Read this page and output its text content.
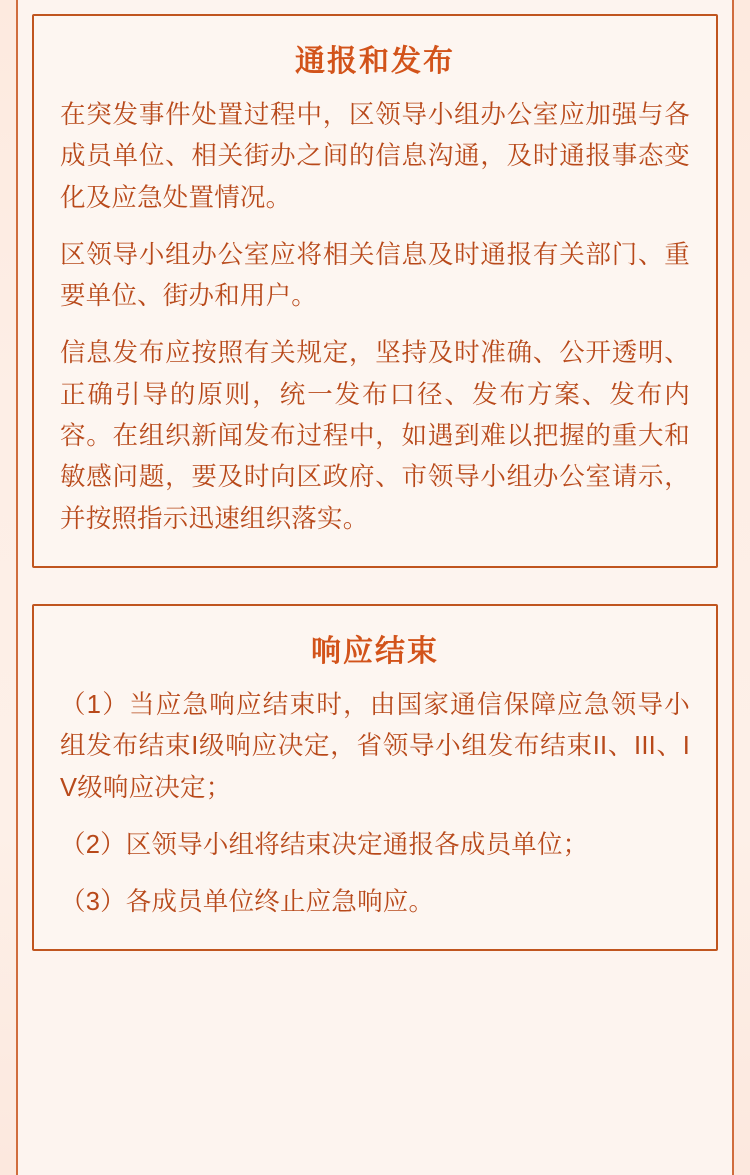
通报和发布

在突发事件处置过程中，区领导小组办公室应加强与各成员单位、相关街办之间的信息沟通，及时通报事态变化及应急处置情况。

区领导小组办公室应将相关信息及时通报有关部门、重要单位、街办和用户。

信息发布应按照有关规定，坚持及时准确、公开透明、正确引导的原则，统一发布口径、发布方案、发布内容。在组织新闻发布过程中，如遇到难以把握的重大和敏感问题，要及时向区政府、市领导小组办公室请示，并按照指示迅速组织落实。

响应结束

（1）当应急响应结束时，由国家通信保障应急领导小组发布结束I级响应决定，省领导小组发布结束II、III、IV级响应决定；

（2）区领导小组将结束决定通报各成员单位；

（3）各成员单位终止应急响应。
